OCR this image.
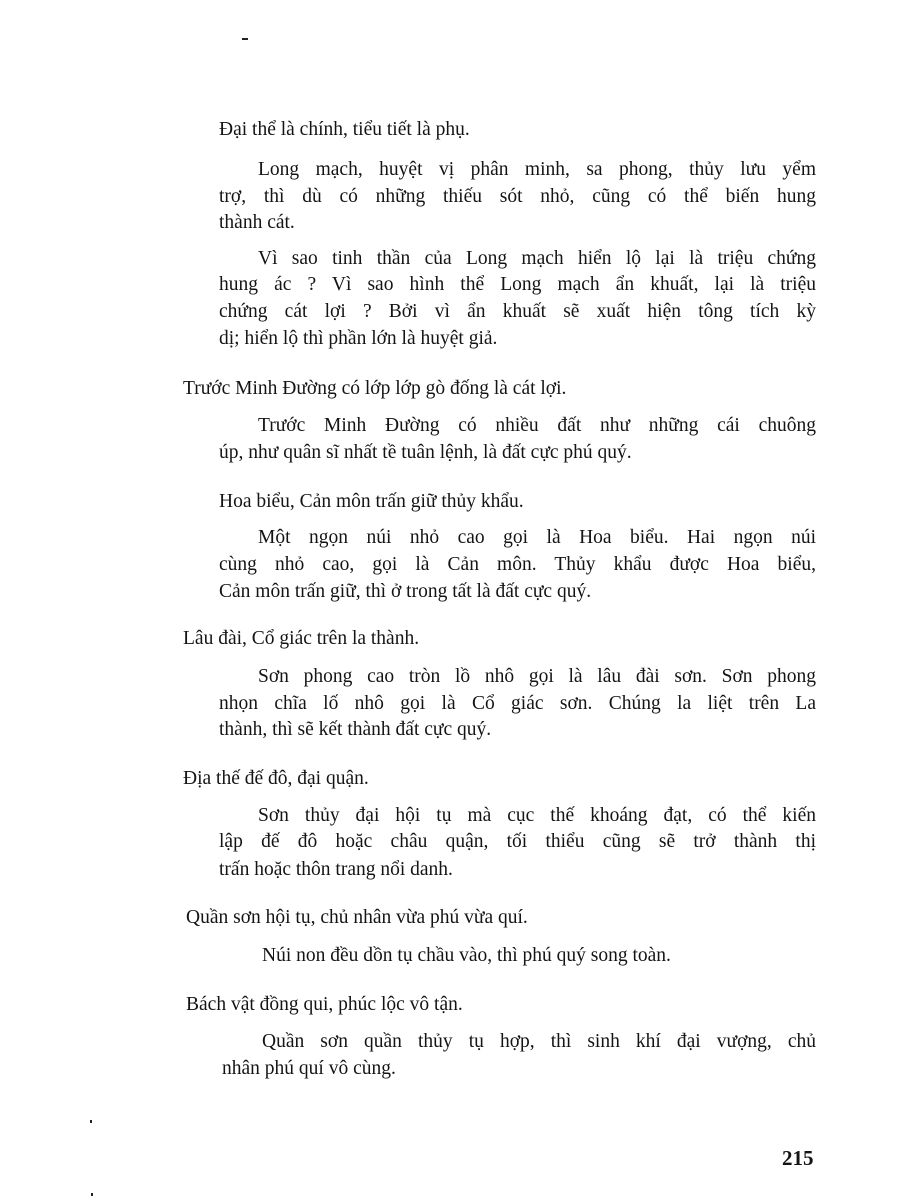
Đại thể là chính, tiểu tiết là phụ.
Long mạch, huyệt vị phân minh, sa phong, thủy lưu yểm
trợ, thì dù có những thiếu sót nhỏ, cũng có thể biến hung
thành cát.
Vì sao tinh thần của Long mạch hiển lộ lại là triệu chứng
hung ác ? Vì sao hình thể Long mạch ẩn khuất, lại là triệu
chứng cát lợi ? Bởi vì ẩn khuất sẽ xuất hiện tông tích kỳ
dị; hiển lộ thì phần lớn là huyệt giả.
Trước Minh Đường có lớp lớp gò đống là cát lợi.
Trước Minh Đường có nhiều đất như những cái chuông
úp, như quân sĩ nhất tề tuân lệnh, là đất cực phú quý.
Hoa biểu, Cản môn trấn giữ thủy khẩu.
Một ngọn núi nhỏ cao gọi là Hoa biểu. Hai ngọn núi
cùng nhỏ cao, gọi là Cản môn. Thủy khẩu được Hoa biểu,
Cản môn trấn giữ, thì ở trong tất là đất cực quý.
Lâu đài, Cổ giác trên la thành.
Sơn phong cao tròn lồ nhô gọi là lâu đài sơn. Sơn phong
nhọn chĩa lố nhô gọi là Cổ giác sơn. Chúng la liệt trên La
thành, thì sẽ kết thành đất cực quý.
Địa thế đế đô, đại quận.
Sơn thủy đại hội tụ mà cục thế khoáng đạt, có thể kiến
lập đế đô hoặc châu quận, tối thiểu cũng sẽ trở thành thị
trấn hoặc thôn trang nổi danh.
Quần sơn hội tụ, chủ nhân vừa phú vừa quí.
Núi non đều dồn tụ chầu vào, thì phú quý song toàn.
Bách vật đồng qui, phúc lộc vô tận.
Quần sơn quần thủy tụ hợp, thì sinh khí đại vượng, chủ
nhân phú quí vô cùng.
215
